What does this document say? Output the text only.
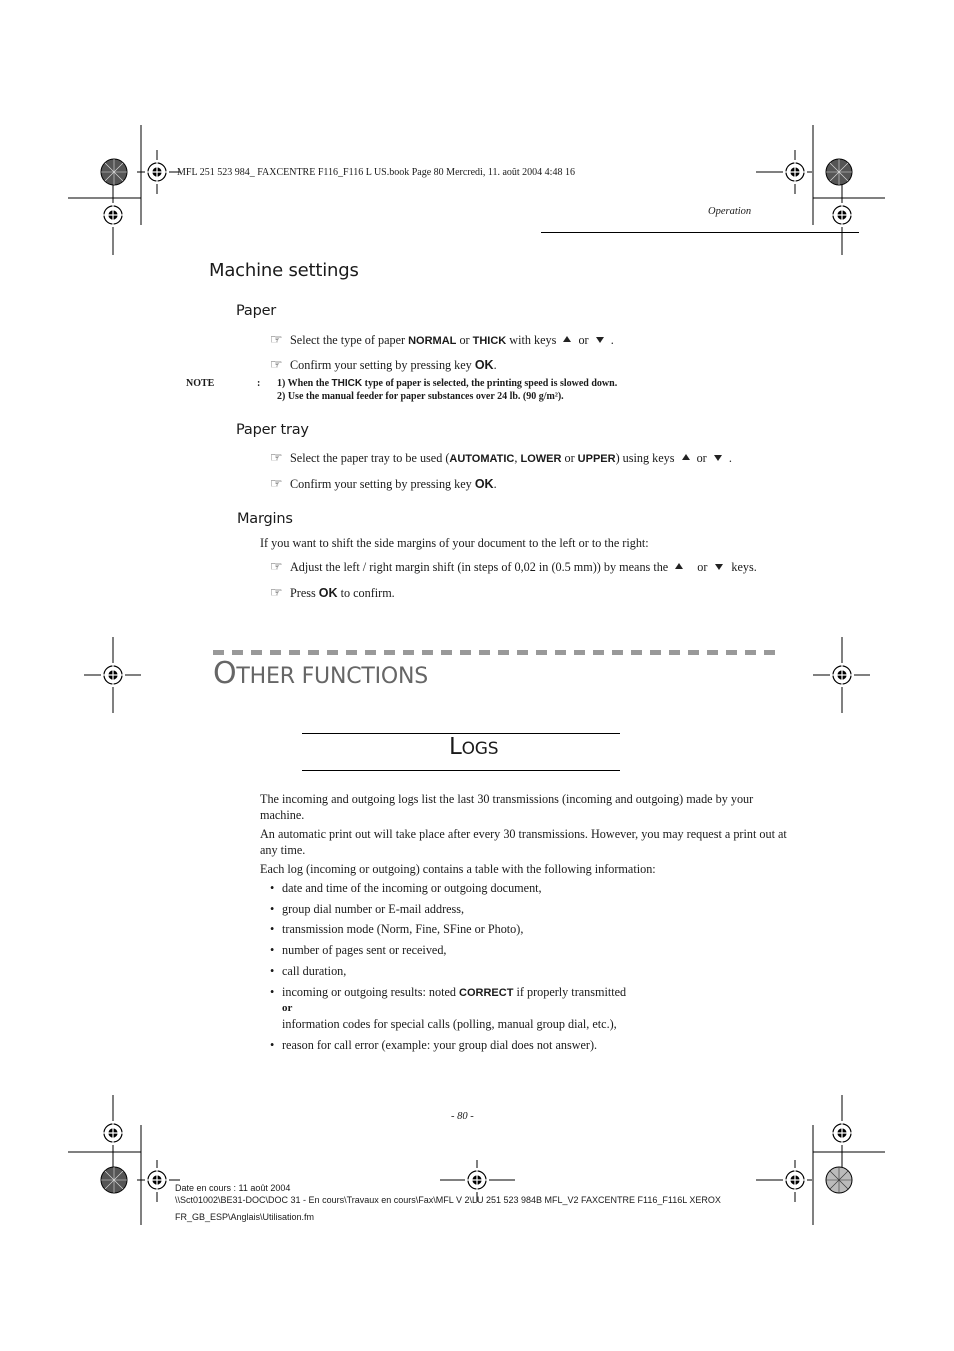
MFL 251 523 984_ FAXCENTRE F116_F116 L US.book Page 80 Mercredi, 11. août 2004 4:48 16
Operation
Machine settings
Paper
☞ Select the type of paper NORMAL or THICK with keys  or  .
☞ Confirm your setting by pressing key OK.
NOTE	: 1) When the THICK type of paper is selected, the printing speed is slowed down.
2) Use the manual feeder for paper substances over 24 lb. (90 g/m²).
Paper tray
☞ Select the paper tray to be used (AUTOMATIC, LOWER or UPPER) using keys  or  .
☞ Confirm your setting by pressing key OK.
Margins
If you want to shift the side margins of your document to the left or to the right:
☞ Adjust the left / right margin shift (in steps of 0,02 in (0.5 mm)) by means the or keys.
☞ Press OK to confirm.
OTHER FUNCTIONS
LOGS
The incoming and outgoing logs list the last 30 transmissions (incoming and outgoing) made by your machine.
An automatic print out will take place after every 30 transmissions. However, you may request a print out at any time.
Each log (incoming or outgoing) contains a table with the following information:
• date and time of the incoming or outgoing document,
• group dial number or E-mail address,
• transmission mode (Norm, Fine, SFine or Photo),
• number of pages sent or received,
• call duration,
• incoming or outgoing results: noted CORRECT if properly transmitted
or
information codes for special calls (polling, manual group dial, etc.),
• reason for call error (example: your group dial does not answer).
- 80 -
Date en cours : 11 août 2004
\\Sct01002\BE31-DOC\DOC 31 - En cours\Travaux en cours\Fax\MFL V 2\LU 251 523 984B MFL_V2 FAXCENTRE F116_F116L XEROX
FR_GB_ESP\Anglais\Utilisation.fm
